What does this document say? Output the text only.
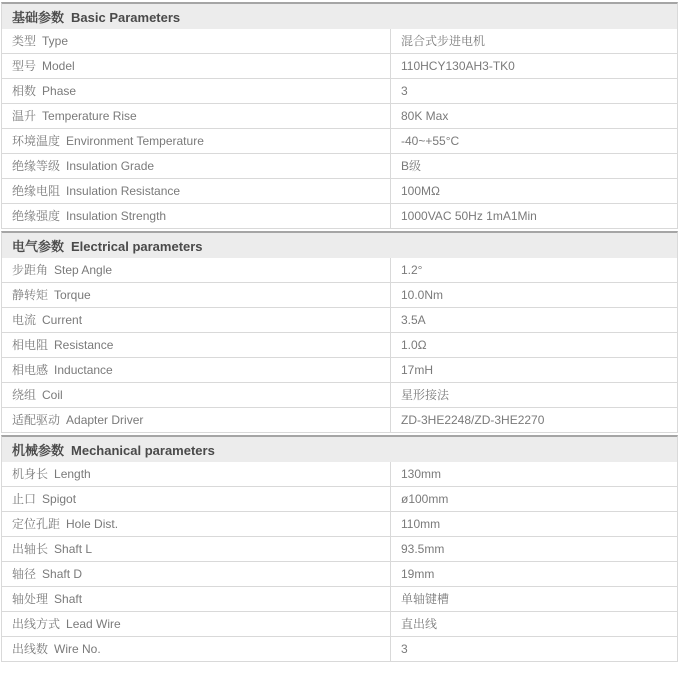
基础参数 Basic Parameters
类型 Type	混合式步进电机
型号 Model	110HCY130AH3-TK0
相数 Phase	3
温升 Temperature Rise	80K Max
环境温度 Environment Temperature	-40~+55°C
绝缘等级 Insulation Grade	B级
绝缘电阻 Insulation Resistance	100MΩ
绝缘强度 Insulation Strength	1000VAC 50Hz 1mA1Min
电气参数 Electrical parameters
步距角 Step Angle	1.2°
静转矩 Torque	10.0Nm
电流 Current	3.5A
相电阻 Resistance	1.0Ω
相电感 Inductance	17mH
绕组 Coil	星形接法
适配驱动 Adapter Driver	ZD-3HE2248/ZD-3HE2270
机械参数 Mechanical parameters
机身长 Length	130mm
止口 Spigot	ø100mm
定位孔距 Hole Dist.	110mm
出轴长 Shaft L	93.5mm
轴径 Shaft D	19mm
轴处理 Shaft	单轴键槽
出线方式 Lead Wire	直出线
出线数 Wire No.	3
